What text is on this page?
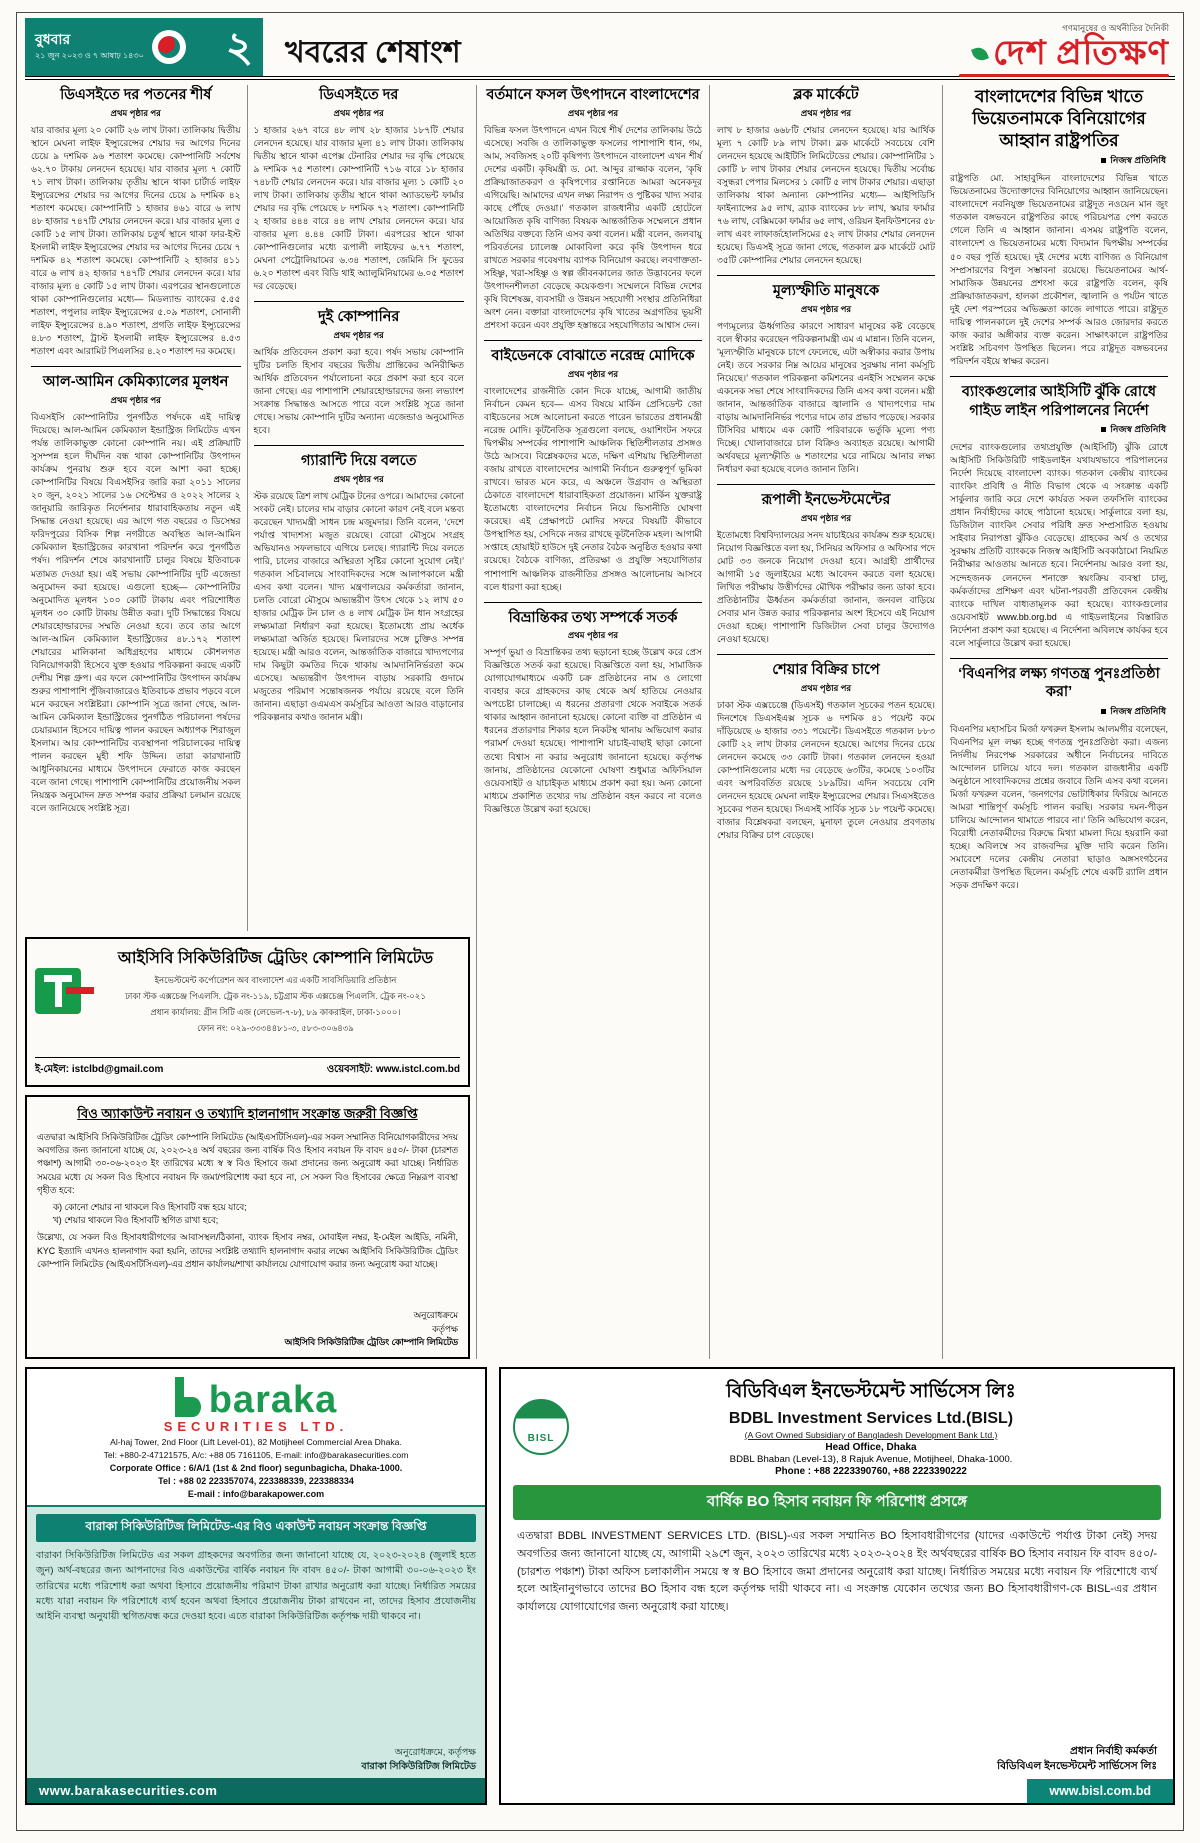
বুধবার
২১ জুন ২০২৩ ও ৭ আষাঢ় ১৪৩০ ২	খবরের শেষাংশ
গণমানুষের ও অর্থনীতির দৈনিকী
দেশ প্রতিক্ষণ
ডিএসইতে দর পতনের শীর্ষ
প্রথম পৃষ্ঠার পর

যার বাজার মূল্য ২০ কোটি ২৬ লাখ টাকা। তালিকায় দ্বিতীয় স্থানে মেঘনা লাইফ ইন্স্যুরেন্সের শেয়ার দর আগের দিনের চেয়ে ৯ দশমিক ৯৬ শতাংশ কমেছে। কোম্পানিটি সর্বশেষ ৬২.৭০ টাকায় লেনদেন হয়েছে। যার বাজার মূল্য ৭ কোটি ৭১ লাখ টাকা। তালিকায় তৃতীয় স্থানে থাকা চার্টার্ড লাইফ ইন্স্যুরেন্সের শেয়ার দর আগের দিনের চেয়ে ৯ দশমিক ৪২ শতাংশ কমেছে। কোম্পানিটি ১ হাজার ৪৬১ বারে ৬ লাখ ৪৮ হাজার ৭৪৭টি শেয়ার লেনদেন করে। যার বাজার মূল্য ৫ কোটি ১৫ লাখ টাকা। তালিকায় চতুর্থ স্থানে থাকা ফার-ইস্ট ইসলামী লাইফ ইন্স্যুরেন্সের শেয়ার দর আগের দিনের চেয়ে ৭ দশমিক ৪২ শতাংশ কমেছে। কোম্পানিটি ২ হাজার ৪১১ বারে ৬ লাখ ৪২ হাজার ৭৪৭টি শেয়ার লেনদেন করে। যার বাজার মূল্য ৪ কোটি ১৫ লাখ টাকা। এরপরের স্থানগুলোতে থাকা কোম্পানিগুলোর মধ্যে— মিডল্যান্ড ব্যাংকের ৫.৫৫ শতাংশ, পপুলার লাইফ ইন্স্যুরেন্সের ৫.০৯ শতাংশ, সোনালী লাইফ ইন্স্যুরেন্সের ৪.৯০ শতাংশ, প্রগতি লাইফ ইন্স্যুরেন্সের ৪.৮৩ শতাংশ, ট্রাস্ট ইসলামী লাইফ ইন্স্যুরেন্সের ৪.৫৩ শতাংশ এবং আরামিট পিএলসির ৪.২০ শতাংশ দর কমেছে।

আল-আমিন কেমিক্যালের মূলধন
প্রথম পৃষ্ঠার পর

বিএসইসি কোম্পানিটির পুনর্গঠিত পর্ষদকে এই দায়িত্ব দিয়েছে। আল-আমিন কেমিক্যাল ইন্ডাস্ট্রিজ লিমিটেড এখন পর্যন্ত তালিকাভুক্ত কোনো কোম্পানি নয়। এই প্রক্রিয়াটি সুসম্পন্ন হলে দীর্ঘদিন বন্ধ থাকা কোম্পানিটির উৎপাদন কার্যক্রম পুনরায় শুরু হবে বলে আশা করা হচ্ছে। কোম্পানিটির বিষয়ে বিএসইসির জারি করা ২০১১ সালের ২০ জুন, ২০২১ সালের ১৬ সেপ্টেম্বর ও ২০২২ সালের ২ জানুয়ারি জারিকৃত নির্দেশনার ধারাবাহিকতায় নতুন এই সিদ্ধান্ত নেওয়া হয়েছে। এর আগে গত বছরের ৩ ডিসেম্বর ফরিদপুরের বিসিক শিল্প নগরীতে অবস্থিত আল-আমিন কেমিক্যাল ইন্ডাস্ট্রিজের কারখানা পরিদর্শন করে পুনর্গঠিত পর্ষদ। পরিদর্শন শেষে কারখানাটি চালুর বিষয়ে ইতিবাচক মতামত দেওয়া হয়। এই সভায় কোম্পানিটির দুটি এজেন্ডা অনুমোদন করা হয়েছে। এগুলো হচ্ছে— কোম্পানিটির অনুমোদিত মূলধন ১০০ কোটি টাকায় এবং পরিশোধিত মূলধন ৩০ কোটি টাকায় উন্নীত করা। দুটি সিদ্ধান্তের বিষয়ে শেয়ারহোল্ডারদের সম্মতি নেওয়া হবে। তবে তার আগে আল-আমিন কেমিক্যাল ইন্ডাস্ট্রিজের ৪৮.১৭২ শতাংশ শেয়ারের মালিকানা অধিগ্রহণের মাধ্যমে কৌশলগত বিনিয়োগকারী হিসেবে যুক্ত হওয়ার পরিকল্পনা করছে একটি দেশীয় শিল্প গ্রুপ। এর ফলে কোম্পানিটির উৎপাদন কার্যক্রম শুরুর পাশাপাশি পুঁজিবাজারেও ইতিবাচক প্রভাব পড়বে বলে মনে করছেন সংশ্লিষ্টরা। কোম্পানি সূত্রে জানা গেছে, আল-আমিন কেমিক্যাল ইন্ডাস্ট্রিজের পুনর্গঠিত পরিচালনা পর্ষদের চেয়ারম্যান হিসেবে দায়িত্ব পালন করছেন অধ্যাপক শিরাজুল ইসলাম। আর কোম্পানিটির ব্যবস্থাপনা পরিচালকের দায়িত্ব পালন করছেন মুহী শফি উদ্দিন। তারা কারখানাটি আধুনিকায়নের মাধ্যমে উৎপাদনে ফেরাতে কাজ করছেন বলে জানা গেছে। পাশাপাশি কোম্পানিটির প্রয়োজনীয় সকল নিয়ন্ত্রক অনুমোদন দ্রুত সম্পন্ন করার প্রক্রিয়া চলমান রয়েছে বলে জানিয়েছে সংশ্লিষ্ট সূত্র।

ডিএসইতে দর
প্রথম পৃষ্ঠার পর

১ হাজার ২৬৭ বারে ৪৮ লাখ ২৮ হাজার ১৮৭টি শেয়ার লেনদেন হয়েছে। যার বাজার মূল্য ৪১ লাখ টাকা। তালিকায় দ্বিতীয় স্থানে থাকা এপেক্স টেনারির শেয়ার দর বৃদ্ধি পেয়েছে ৯ দশমিক ৭৫ শতাংশ। কোম্পানিটি ৭১৬ বারে ১৮ হাজার ৭৪৮টি শেয়ার লেনদেন করে। যার বাজার মূল্য ১ কোটি ২০ লাখ টাকা। তালিকায় তৃতীয় স্থানে থাকা অ্যাডভেন্ট ফার্মার শেয়ার দর বৃদ্ধি পেয়েছে ৮ দশমিক ৭২ শতাংশ। কোম্পানিটি ২ হাজার ৪৪৪ বারে ৪৪ লাখ শেয়ার লেনদেন করে। যার বাজার মূল্য ৪.৪৪ কোটি টাকা। এরপরের স্থানে থাকা কোম্পানিগুলোর মধ্যে রূপালী লাইফের ৬.৭৭ শতাংশ, মেঘনা পেট্রোলিয়ামের ৬.৩৪ শতাংশ, জেমিনি সি ফুডের ৬.২০ শতাংশ এবং বিডি থাই অ্যালুমিনিয়ামের ৬.০৫ শতাংশ দর বেড়েছে।

দুই কোম্পানির
প্রথম পৃষ্ঠার পর

আর্থিক প্রতিবেদন প্রকাশ করা হবে। পর্ষদ সভায় কোম্পানি দুটির চলতি হিসাব বছরের দ্বিতীয় প্রান্তিকের অনিরীক্ষিত আর্থিক প্রতিবেদন পর্যালোচনা করে প্রকাশ করা হবে বলে জানা গেছে। এর পাশাপাশি শেয়ারহোল্ডারদের জন্য লভ্যাংশ সংক্রান্ত সিদ্ধান্তও আসতে পারে বলে সংশ্লিষ্ট সূত্রে জানা গেছে। সভায় কোম্পানি দুটির অন্যান্য এজেন্ডাও অনুমোদিত হবে।

গ্যারান্টি দিয়ে বলতে
প্রথম পৃষ্ঠার পর

স্টক রয়েছে ত্রিশ লাখ মেট্রিক টনের ওপরে। আমাদের কোনো সংকট নেই। চালের দাম বাড়ার কোনো কারণ নেই বলে মন্তব্য করেছেন খাদ্যমন্ত্রী সাধন চন্দ্র মজুমদার। তিনি বলেন, ‘দেশে পর্যাপ্ত খাদ্যশস্য মজুত রয়েছে। বোরো মৌসুমে সংগ্রহ অভিযানও সফলভাবে এগিয়ে চলছে। গ্যারান্টি দিয়ে বলতে পারি, চালের বাজারে অস্থিরতা সৃষ্টির কোনো সুযোগ নেই।’ গতকাল সচিবালয়ে সাংবাদিকদের সঙ্গে আলাপকালে মন্ত্রী এসব কথা বলেন। খাদ্য মন্ত্রণালয়ের কর্মকর্তারা জানান, চলতি বোরো মৌসুমে অভ্যন্তরীণ উৎস থেকে ১২ লাখ ৫০ হাজার মেট্রিক টন চাল ও ৪ লাখ মেট্রিক টন ধান সংগ্রহের লক্ষ্যমাত্রা নির্ধারণ করা হয়েছে। ইতোমধ্যে প্রায় অর্ধেক লক্ষ্যমাত্রা অর্জিত হয়েছে। মিলারদের সঙ্গে চুক্তিও সম্পন্ন হয়েছে। মন্ত্রী আরও বলেন, আন্তর্জাতিক বাজারে খাদ্যপণ্যের দাম কিছুটা কমতির দিকে থাকায় আমদানিনির্ভরতা কমে এসেছে। অভ্যন্তরীণ উৎপাদন বাড়ায় সরকারি গুদামে মজুতের পরিমাণ সন্তোষজনক পর্যায়ে রয়েছে বলে তিনি জানান। এছাড়া ওএমএস কর্মসূচির আওতা আরও বাড়ানোর পরিকল্পনার কথাও জানান মন্ত্রী।

আইসিবি সিকিউরিটিজ ট্রেডিং কোম্পানি লিমিটেড
ইনভেস্টমেন্ট কর্পোরেশন অব বাংলাদেশ এর একটি সাবসিডিয়ারি প্রতিষ্ঠান
ঢাকা স্টক এক্সচেঞ্জ পিএলসি. ট্রেক নং-১১৯, চট্টগ্রাম স্টক এক্সচেঞ্জ পিএলসি. ট্রেক নং-০২১
প্রধান কার্যালয়: গ্রীন সিটি এজ (লেভেল-৭-৮), ৮৯ কাকরাইল, ঢাকা-১০০০।
ফোন নং: ০২৯-৩৩৩৪৪৮১-৩, ৫৮৩-৩০৬৪৩৯
ই-মেইল: istclbd@gmail.com	ওয়েবসাইট: www.istcl.com.bd
বিও অ্যাকাউন্ট নবায়ন ও তথ্যাদি হালনাগাদ সংক্রান্ত জরুরী বিজ্ঞপ্তি

এতদ্বারা আইসিবি সিকিউরিটিজ ট্রেডিং কোম্পানি লিমিটেড (আইএসটিসিএল)-এর সকল সম্মানিত বিনিয়োগকারীদের সদয় অবগতির জন্য জানানো যাচ্ছে যে, ২০২৩-২৪ অর্থ বছরের জন্য বার্ষিক বিও হিসাব নবায়ন ফি বাবদ ৪৫০/- টাকা (চারশত পঞ্চাশ) আগামী ৩০-০৬-২০২৩ ইং তারিখের মধ্যে স্ব স্ব বিও হিসাবে জমা প্রদানের জন্য অনুরোধ করা যাচ্ছে। নির্ধারিত সময়ের মধ্যে যে সকল বিও হিসাবে নবায়ন ফি জমা/পরিশোধ করা হবে না, সে সকল বিও হিসাবের ক্ষেত্রে নিম্নরূপ ব্যবস্থা গৃহীত হবে:

ক) কোনো শেয়ার না থাকলে বিও হিসাবটি বন্ধ হয়ে যাবে;
খ) শেয়ার থাকলে বিও হিসাবটি স্থগিত রাখা হবে;

উল্লেখ্য, যে সকল বিও হিসাবধারীগণের আবাসস্থল/ঠিকানা, ব্যাংক হিসাব নম্বর, মোবাইল নম্বর, ই-মেইল আইডি, নমিনী, KYC ইত্যাদি এখনও হালনাগাদ করা হয়নি, তাদের সংশ্লিষ্ট তথ্যাদি হালনাগাদ করার লক্ষ্যে আইসিবি সিকিউরিটিজ ট্রেডিং কোম্পানি লিমিটেড (আইএসটিসিএল)-এর প্রধান কার্যালয়/শাখা কার্যালয়ে যোগাযোগ করার জন্য অনুরোধ করা যাচ্ছে।

অনুরোধক্রমে
কর্তৃপক্ষ
আইসিবি সিকিউরিটিজ ট্রেডিং কোম্পানি লিমিটেড
বর্তমানে ফসল উৎপাদনে বাংলাদেশের
প্রথম পৃষ্ঠার পর

বিভিন্ন ফসল উৎপাদনে এখন বিশ্বে শীর্ষ দেশের তালিকায় উঠে এসেছে। সবজি ও তালিকাভুক্ত ফসলের পাশাপাশি ধান, গম, আম, সবজিসহ ২০টি কৃষিপণ্য উৎপাদনে বাংলাদেশ এখন শীর্ষ দেশের একটি। কৃষিমন্ত্রী ড. মো. আব্দুর রাজ্জাক বলেন, ‘কৃষি প্রক্রিয়াজাতকরণ ও কৃষিপণ্যের রপ্তানিতে আমরা অনেকদূর এগিয়েছি। আমাদের এখন লক্ষ্য নিরাপদ ও পুষ্টিকর খাদ্য সবার কাছে পৌঁছে দেওয়া।’ গতকাল রাজধানীর একটি হোটেলে আয়োজিত কৃষি বাণিজ্য বিষয়ক আন্তর্জাতিক সম্মেলনে প্রধান অতিথির বক্তব্যে তিনি এসব কথা বলেন। মন্ত্রী বলেন, জলবায়ু পরিবর্তনের চ্যালেঞ্জ মোকাবিলা করে কৃষি উৎপাদন ধরে রাখতে সরকার গবেষণায় ব্যাপক বিনিয়োগ করছে। লবণাক্ততা-সহিষ্ণু, খরা-সহিষ্ণু ও স্বল্প জীবনকালের জাত উদ্ভাবনের ফলে উৎপাদনশীলতা বেড়েছে কয়েকগুণ। সম্মেলনে বিভিন্ন দেশের কৃষি বিশেষজ্ঞ, ব্যবসায়ী ও উন্নয়ন সহযোগী সংস্থার প্রতিনিধিরা অংশ নেন। বক্তারা বাংলাদেশের কৃষি খাতের অগ্রগতির ভূয়সী প্রশংসা করেন এবং প্রযুক্তি হস্তান্তরে সহযোগিতার আশ্বাস দেন।

বাইডেনকে বোঝাতে নরেন্দ্র মোদিকে
প্রথম পৃষ্ঠার পর

বাংলাদেশের রাজনীতি কোন দিকে যাচ্ছে, আগামী জাতীয় নির্বাচন কেমন হবে— এসব বিষয়ে মার্কিন প্রেসিডেন্ট জো বাইডেনের সঙ্গে আলোচনা করতে পারেন ভারতের প্রধানমন্ত্রী নরেন্দ্র মোদি। কূটনৈতিক সূত্রগুলো বলছে, ওয়াশিংটন সফরে দ্বিপক্ষীয় সম্পর্কের পাশাপাশি আঞ্চলিক স্থিতিশীলতার প্রসঙ্গও উঠে আসবে। বিশ্লেষকদের মতে, দক্ষিণ এশিয়ায় স্থিতিশীলতা বজায় রাখতে বাংলাদেশের আগামী নির্বাচন গুরুত্বপূর্ণ ভূমিকা রাখবে। ভারত মনে করে, এ অঞ্চলে উগ্রবাদ ও অস্থিরতা ঠেকাতে বাংলাদেশে ধারাবাহিকতা প্রয়োজন। মার্কিন যুক্তরাষ্ট্র ইতোমধ্যে বাংলাদেশের নির্বাচন নিয়ে ভিসানীতি ঘোষণা করেছে। এই প্রেক্ষাপটে মোদির সফরে বিষয়টি কীভাবে উপস্থাপিত হয়, সেদিকে নজর রাখছে কূটনৈতিক মহল। আগামী সপ্তাহে হোয়াইট হাউসে দুই নেতার বৈঠক অনুষ্ঠিত হওয়ার কথা রয়েছে। বৈঠকে বাণিজ্য, প্রতিরক্ষা ও প্রযুক্তি সহযোগিতার পাশাপাশি আঞ্চলিক রাজনীতির প্রসঙ্গও আলোচনায় আসবে বলে ধারণা করা হচ্ছে।

বিভ্রান্তিকর তথ্য সম্পর্কে সতর্ক
প্রথম পৃষ্ঠার পর

সম্পূর্ণ ভুয়া ও বিভ্রান্তিকর তথ্য ছড়ানো হচ্ছে উল্লেখ করে প্রেস বিজ্ঞপ্তিতে সতর্ক করা হয়েছে। বিজ্ঞপ্তিতে বলা হয়, সামাজিক যোগাযোগমাধ্যমে একটি চক্র প্রতিষ্ঠানের নাম ও লোগো ব্যবহার করে গ্রাহকদের কাছ থেকে অর্থ হাতিয়ে নেওয়ার অপচেষ্টা চালাচ্ছে। এ ধরনের প্রতারণা থেকে সবাইকে সতর্ক থাকার আহ্বান জানানো হয়েছে। কোনো ব্যক্তি বা প্রতিষ্ঠান এ ধরনের প্রতারণার শিকার হলে নিকটস্থ থানায় অভিযোগ করার পরামর্শ দেওয়া হয়েছে। পাশাপাশি যাচাই-বাছাই ছাড়া কোনো তথ্যে বিশ্বাস না করার অনুরোধ জানানো হয়েছে। কর্তৃপক্ষ জানায়, প্রতিষ্ঠানের যেকোনো ঘোষণা শুধুমাত্র অফিসিয়াল ওয়েবসাইট ও যাচাইকৃত মাধ্যমে প্রকাশ করা হয়। অন্য কোনো মাধ্যমে প্রকাশিত তথ্যের দায় প্রতিষ্ঠান বহন করবে না বলেও বিজ্ঞপ্তিতে উল্লেখ করা হয়েছে।

ব্লক মার্কেটে
প্রথম পৃষ্ঠার পর

লাখ ৮ হাজার ৬৬৮টি শেয়ার লেনদেন হয়েছে। যার আর্থিক মূল্য ৭ কোটি ৮৯ লাখ টাকা। ব্লক মার্কেটে সবচেয়ে বেশি লেনদেন হয়েছে আইটিসি লিমিটেডের শেয়ার। কোম্পানিটির ১ কোটি ৮ লাখ টাকার শেয়ার লেনদেন হয়েছে। দ্বিতীয় সর্বোচ্চ বসুন্ধরা পেপার মিলসের ১ কোটি ৫ লাখ টাকার শেয়ার। এছাড়া তালিকায় থাকা অন্যান্য কোম্পানির মধ্যে— আইপিডিসি ফাইন্যান্সের ৯৫ লাখ, ব্র্যাক ব্যাংকের ৮৮ লাখ, স্কয়ার ফার্মার ৭৬ লাখ, বেক্সিমকো ফার্মার ৬৫ লাখ, ওরিয়ন ইনফিউশনের ৫৮ লাখ এবং লাফার্জহোলসিমের ৫২ লাখ টাকার শেয়ার লেনদেন হয়েছে। ডিএসই সূত্রে জানা গেছে, গতকাল ব্লক মার্কেটে মোট ৩৫টি কোম্পানির শেয়ার লেনদেন হয়েছে।

মূল্যস্ফীতি মানুষকে
প্রথম পৃষ্ঠার পর

পণ্যমূল্যের ঊর্ধ্বগতির কারণে সাধারণ মানুষের কষ্ট বেড়েছে বলে স্বীকার করেছেন পরিকল্পনামন্ত্রী এম এ মান্নান। তিনি বলেন, ‘মূল্যস্ফীতি মানুষকে চাপে ফেলেছে, এটা অস্বীকার করার উপায় নেই। তবে সরকার নিম্ন আয়ের মানুষের সুরক্ষায় নানা কর্মসূচি নিয়েছে।’ গতকাল পরিকল্পনা কমিশনের এনইসি সম্মেলন কক্ষে একনেক সভা শেষে সাংবাদিকদের তিনি এসব কথা বলেন। মন্ত্রী জানান, আন্তর্জাতিক বাজারে জ্বালানি ও খাদ্যপণ্যের দাম বাড়ায় আমদানিনির্ভর পণ্যের দামে তার প্রভাব পড়েছে। সরকার টিসিবির মাধ্যমে এক কোটি পরিবারকে ভর্তুকি মূল্যে পণ্য দিচ্ছে। খোলাবাজারে চাল বিক্রিও অব্যাহত রয়েছে। আগামী অর্থবছরে মূল্যস্ফীতি ৬ শতাংশের ঘরে নামিয়ে আনার লক্ষ্য নির্ধারণ করা হয়েছে বলেও জানান তিনি।

রূপালী ইনভেস্টমেন্টের
প্রথম পৃষ্ঠার পর

ইতোমধ্যে বিশ্ববিদ্যালয়ের সনদ যাচাইয়ের কার্যক্রম শুরু হয়েছে। নিয়োগ বিজ্ঞপ্তিতে বলা হয়, সিনিয়র অফিসার ও অফিসার পদে মোট ৩৩ জনকে নিয়োগ দেওয়া হবে। আগ্রহী প্রার্থীদের আগামী ১৫ জুলাইয়ের মধ্যে আবেদন করতে বলা হয়েছে। লিখিত পরীক্ষায় উত্তীর্ণদের মৌখিক পরীক্ষার জন্য ডাকা হবে। প্রতিষ্ঠানটির ঊর্ধ্বতন কর্মকর্তারা জানান, জনবল বাড়িয়ে সেবার মান উন্নত করার পরিকল্পনার অংশ হিসেবে এই নিয়োগ দেওয়া হচ্ছে। পাশাপাশি ডিজিটাল সেবা চালুর উদ্যোগও নেওয়া হয়েছে।

শেয়ার বিক্রির চাপে
প্রথম পৃষ্ঠার পর

ঢাকা স্টক এক্সচেঞ্জে (ডিএসই) গতকাল সূচকের পতন হয়েছে। দিনশেষে ডিএসইএক্স সূচক ৬ দশমিক ৪১ পয়েন্ট কমে দাঁড়িয়েছে ৬ হাজার ৩৩১ পয়েন্টে। ডিএসইতে গতকাল ৮৮৩ কোটি ২২ লাখ টাকার লেনদেন হয়েছে। আগের দিনের চেয়ে লেনদেন কমেছে ৩৩ কোটি টাকা। গতকাল লেনদেন হওয়া কোম্পানিগুলোর মধ্যে দর বেড়েছে ৬৩টির, কমেছে ১০৩টির এবং অপরিবর্তিত রয়েছে ১৮৯টির। এদিন সবচেয়ে বেশি লেনদেন হয়েছে মেঘনা লাইফ ইন্স্যুরেন্সের শেয়ার। সিএসইতেও সূচকের পতন হয়েছে। সিএসই সার্বিক সূচক ১৮ পয়েন্ট কমেছে। বাজার বিশ্লেষকরা বলছেন, মুনাফা তুলে নেওয়ার প্রবণতায় শেয়ার বিক্রির চাপ বেড়েছে।

বাংলাদেশের বিভিন্ন খাতে ভিয়েতনামকে বিনিয়োগের আহ্বান রাষ্ট্রপতির
নিজস্ব প্রতিনিধি

রাষ্ট্রপতি মো. সাহাবুদ্দিন বাংলাদেশের বিভিন্ন খাতে ভিয়েতনামের উদ্যোক্তাদের বিনিয়োগের আহ্বান জানিয়েছেন। বাংলাদেশে নবনিযুক্ত ভিয়েতনামের রাষ্ট্রদূত নওয়েন মান জুং গতকাল বঙ্গভবনে রাষ্ট্রপতির কাছে পরিচয়পত্র পেশ করতে গেলে তিনি এ আহ্বান জানান। এসময় রাষ্ট্রপতি বলেন, বাংলাদেশ ও ভিয়েতনামের মধ্যে বিদ্যমান দ্বিপক্ষীয় সম্পর্কের ৫০ বছর পূর্তি হয়েছে। দুই দেশের মধ্যে বাণিজ্য ও বিনিয়োগ সম্প্রসারণের বিপুল সম্ভাবনা রয়েছে। ভিয়েতনামের আর্থ-সামাজিক উন্নয়নের প্রশংসা করে রাষ্ট্রপতি বলেন, কৃষি প্রক্রিয়াজাতকরণ, হালকা প্রকৌশল, জ্বালানি ও পর্যটন খাতে দুই দেশ পরস্পরের অভিজ্ঞতা কাজে লাগাতে পারে। রাষ্ট্রদূত দায়িত্ব পালনকালে দুই দেশের সম্পর্ক আরও জোরদার করতে কাজ করার অঙ্গীকার ব্যক্ত করেন। সাক্ষাৎকালে রাষ্ট্রপতির সংশ্লিষ্ট সচিবগণ উপস্থিত ছিলেন। পরে রাষ্ট্রদূত বঙ্গভবনের পরিদর্শন বইয়ে স্বাক্ষর করেন।

ব্যাংকগুলোর আইসিটি ঝুঁকি রোধে গাইড লাইন পরিপালনের নির্দেশ
নিজস্ব প্রতিনিধি

দেশের ব্যাংকগুলোর তথ্যপ্রযুক্তি (আইসিটি) ঝুঁকি রোধে আইসিটি সিকিউরিটি গাইডলাইন যথাযথভাবে পরিপালনের নির্দেশ দিয়েছে বাংলাদেশ ব্যাংক। গতকাল কেন্দ্রীয় ব্যাংকের ব্যাংকিং প্রবিধি ও নীতি বিভাগ থেকে এ সংক্রান্ত একটি সার্কুলার জারি করে দেশে কার্যরত সকল তফসিলি ব্যাংকের প্রধান নির্বাহীদের কাছে পাঠানো হয়েছে। সার্কুলারে বলা হয়, ডিজিটাল ব্যাংকিং সেবার পরিধি দ্রুত সম্প্রসারিত হওয়ায় সাইবার নিরাপত্তা ঝুঁকিও বেড়েছে। গ্রাহকের অর্থ ও তথ্যের সুরক্ষায় প্রতিটি ব্যাংককে নিজস্ব আইসিটি অবকাঠামো নিয়মিত নিরীক্ষার আওতায় আনতে হবে। নির্দেশনায় আরও বলা হয়, সন্দেহজনক লেনদেন শনাক্তে স্বয়ংক্রিয় ব্যবস্থা চালু, কর্মকর্তাদের প্রশিক্ষণ এবং ঘটনা-পরবর্তী প্রতিবেদন কেন্দ্রীয় ব্যাংকে দাখিল বাধ্যতামূলক করা হয়েছে। ব্যাংকগুলোর ওয়েবসাইট www.bb.org.bd এ গাইডলাইনের বিস্তারিত নির্দেশনা প্রকাশ করা হয়েছে। এ নির্দেশনা অবিলম্বে কার্যকর হবে বলে সার্কুলারে উল্লেখ করা হয়েছে।

‘বিএনপির লক্ষ্য গণতন্ত্র পুনঃপ্রতিষ্ঠা করা’
নিজস্ব প্রতিনিধি

বিএনপির মহাসচিব মির্জা ফখরুল ইসলাম আলমগীর বলেছেন, বিএনপির মূল লক্ষ্য হচ্ছে গণতন্ত্র পুনঃপ্রতিষ্ঠা করা। এজন্য নির্দলীয় নিরপেক্ষ সরকারের অধীনে নির্বাচনের দাবিতে আন্দোলন চালিয়ে যাবে দল। গতকাল রাজধানীর একটি অনুষ্ঠানে সাংবাদিকদের প্রশ্নের জবাবে তিনি এসব কথা বলেন। মির্জা ফখরুল বলেন, ‘জনগণের ভোটাধিকার ফিরিয়ে আনতে আমরা শান্তিপূর্ণ কর্মসূচি পালন করছি। সরকার দমন-পীড়ন চালিয়ে আন্দোলন থামাতে পারবে না।’ তিনি অভিযোগ করেন, বিরোধী নেতাকর্মীদের বিরুদ্ধে মিথ্যা মামলা দিয়ে হয়রানি করা হচ্ছে। অবিলম্বে সব রাজবন্দির মুক্তি দাবি করেন তিনি। সমাবেশে দলের কেন্দ্রীয় নেতারা ছাড়াও অঙ্গসংগঠনের নেতাকর্মীরা উপস্থিত ছিলেন। কর্মসূচি শেষে একটি র‍্যালি প্রধান সড়ক প্রদক্ষিণ করে।

baraka
SECURITIES LTD.
Al-haj Tower, 2nd Floor (Lift Level-01), 82 Motijheel Commercial Area Dhaka.
Tel: +880-2-47121575, A/c: +88 05 7161105, E-mail: info@barakasecurities.com
Corporate Office : 6/A/1 (1st & 2nd floor) segunbagicha, Dhaka-1000.
Tel : +88 02 223357074, 223388339, 223388334
E-mail : info@barakapower.com
বারাকা সিকিউরিটিজ লিমিটেড-এর বিও একাউন্ট নবায়ন সংক্রান্ত বিজ্ঞপ্তি

বারাকা সিকিউরিটিজ লিমিটেড এর সকল গ্রাহকদের অবগতির জন্য জানানো যাচ্ছে যে, ২০২৩-২০২৪ (জুলাই হতে জুন) অর্থ-বছরের জন্য আপনাদের বিও একাউন্টের বার্ষিক নবায়ন ফি বাবদ ৪৫০/- টাকা আগামী ৩০-০৬-২০২৩ ইং তারিখের মধ্যে পরিশোধ করা অথবা হিসাবে প্রয়োজনীয় পরিমাণ টাকা রাখার অনুরোধ করা যাচ্ছে। নির্ধারিত সময়ের মধ্যে যারা নবায়ন ফি পরিশোধে ব্যর্থ হবেন অথবা হিসাবে প্রয়োজনীয় টাকা রাখবেন না, তাদের হিসাব প্রযোজনীয় আইনি ব্যবস্থা অনুযায়ী স্থগিত/বন্ধ করে দেওয়া হবে। এতে বারাকা সিকিউরিটিজ কর্তৃপক্ষ দায়ী থাকবে না।

অনুরোধক্রমে, কর্তৃপক্ষ
বারাকা সিকিউরিটিজ লিমিটেড
www.barakasecurities.com
BISL
বিডিবিএল ইনভেস্টমেন্ট সার্ভিসেস লিঃ
BDBL Investment Services Ltd.(BISL)
(A Govt Owned Subsidiary of Bangladesh Development Bank Ltd.)
Head Office, Dhaka
BDBL Bhaban (Level-13), 8 Rajuk Avenue, Motijheel, Dhaka-1000.
Phone : +88 2223390760, +88 2223390222
বার্ষিক BO হিসাব নবায়ন ফি পরিশোধ প্রসঙ্গে

এতদ্বারা BDBL INVESTMENT SERVICES LTD. (BISL)-এর সকল সম্মানিত BO হিসাবধারীগণের (যাদের একাউন্টে পর্যাপ্ত টাকা নেই) সদয় অবগতির জন্য জানানো যাচ্ছে যে, আগামী ২৯শে জুন, ২০২৩ তারিখের মধ্যে ২০২৩-২০২৪ ইং অর্থবছরের বার্ষিক BO হিসাব নবায়ন ফি বাবদ ৪৫০/- (চারশত পঞ্চাশ) টাকা অফিস চলাকালীন সময়ে স্ব স্ব BO হিসাবে জমা প্রদানের অনুরোধ করা যাচ্ছে। নির্ধারিত সময়ের মধ্যে নবায়ন ফি পরিশোধে ব্যর্থ হলে আইনানুগভাবে তাদের BO হিসাব বন্ধ হলে কর্তৃপক্ষ দায়ী থাকবে না। এ সংক্রান্ত যেকোন তথ্যের জন্য BO হিসাবধারীগণ-কে BISL-এর প্রধান কার্যালয়ে যোগাযোগের জন্য অনুরোধ করা যাচ্ছে।

প্রধান নির্বাহী কর্মকর্তা
বিডিবিএল ইনভেস্টমেন্ট সার্ভিসেস লিঃ
www.bisl.com.bd
